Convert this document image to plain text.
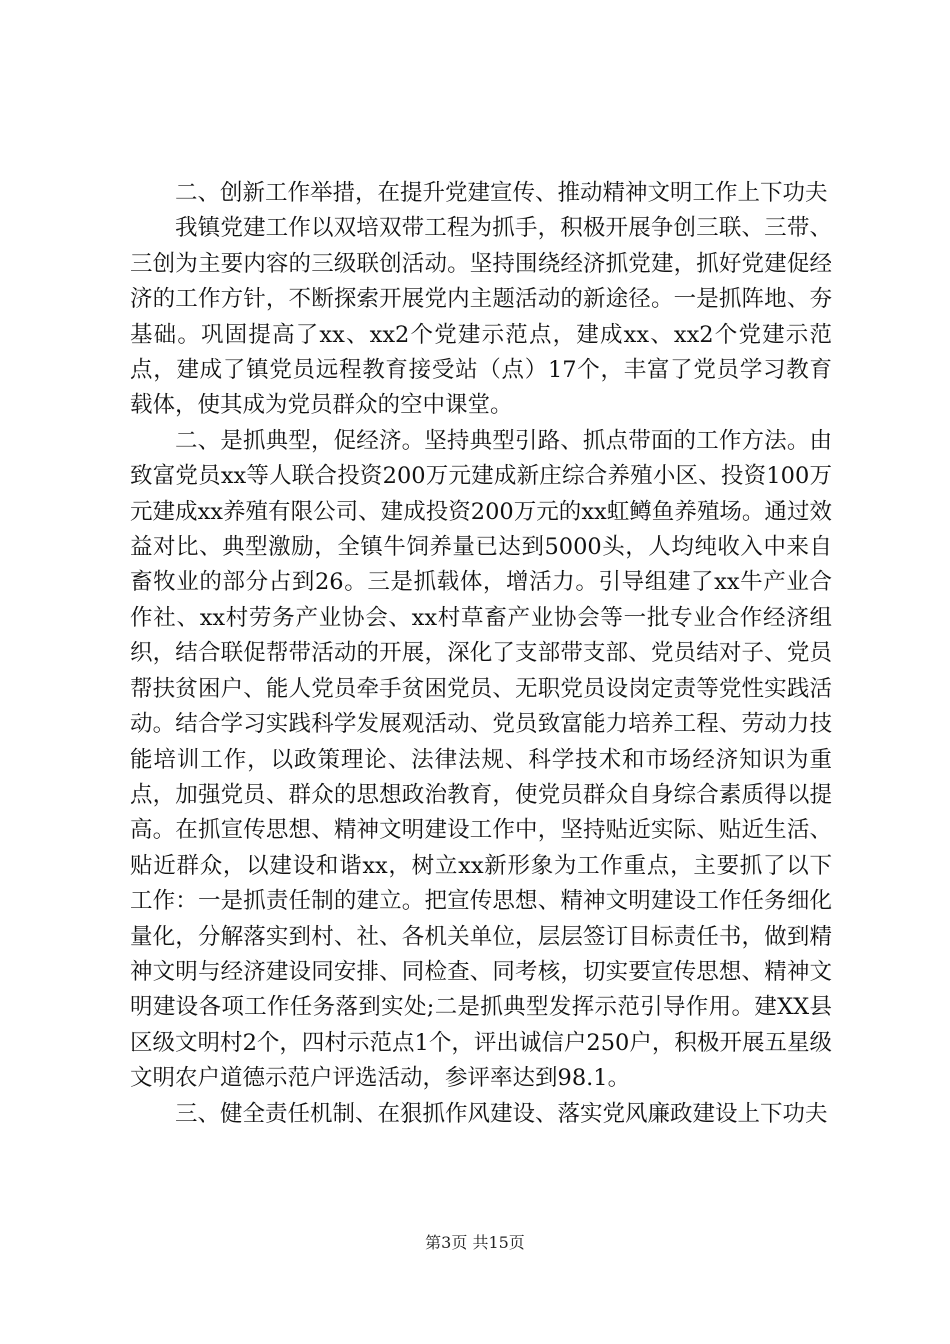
二、创新工作举措，在提升党建宣传、推动精神文明工作上下功夫

我镇党建工作以双培双带工程为抓手，积极开展争创三联、三带、三创为主要内容的三级联创活动。坚持围绕经济抓党建，抓好党建促经济的工作方针，不断探索开展党内主题活动的新途径。一是抓阵地、夯基础。巩固提高了xx、xx2个党建示范点，建成xx、xx2个党建示范点，建成了镇党员远程教育接受站（点）17个，丰富了党员学习教育载体，使其成为党员群众的空中课堂。

二、是抓典型，促经济。坚持典型引路、抓点带面的工作方法。由致富党员xx等人联合投资200万元建成新庄综合养殖小区、投资100万元建成xx养殖有限公司、建成投资200万元的xx虹鳟鱼养殖场。通过效益对比、典型激励，全镇牛饲养量已达到5000头，人均纯收入中来自畜牧业的部分占到26。三是抓载体，增活力。引导组建了xx牛产业合作社、xx村劳务产业协会、xx村草畜产业协会等一批专业合作经济组织，结合联促帮带活动的开展，深化了支部带支部、党员结对子、党员帮扶贫困户、能人党员牵手贫困党员、无职党员设岗定责等党性实践活动。结合学习实践科学发展观活动、党员致富能力培养工程、劳动力技能培训工作，以政策理论、法律法规、科学技术和市场经济知识为重点，加强党员、群众的思想政治教育，使党员群众自身综合素质得以提高。在抓宣传思想、精神文明建设工作中，坚持贴近实际、贴近生活、贴近群众，以建设和谐xx，树立xx新形象为工作重点，主要抓了以下工作：一是抓责任制的建立。把宣传思想、精神文明建设工作任务细化量化，分解落实到村、社、各机关单位，层层签订目标责任书，做到精神文明与经济建设同安排、同检查、同考核，切实要宣传思想、精神文明建设各项工作任务落到实处;二是抓典型发挥示范引导作用。建XX县区级文明村2个，四村示范点1个，评出诚信户250户，积极开展五星级文明农户道德示范户评选活动，参评率达到98.1。

三、健全责任机制、在狠抓作风建设、落实党风廉政建设上下功夫

第3页 共15页
